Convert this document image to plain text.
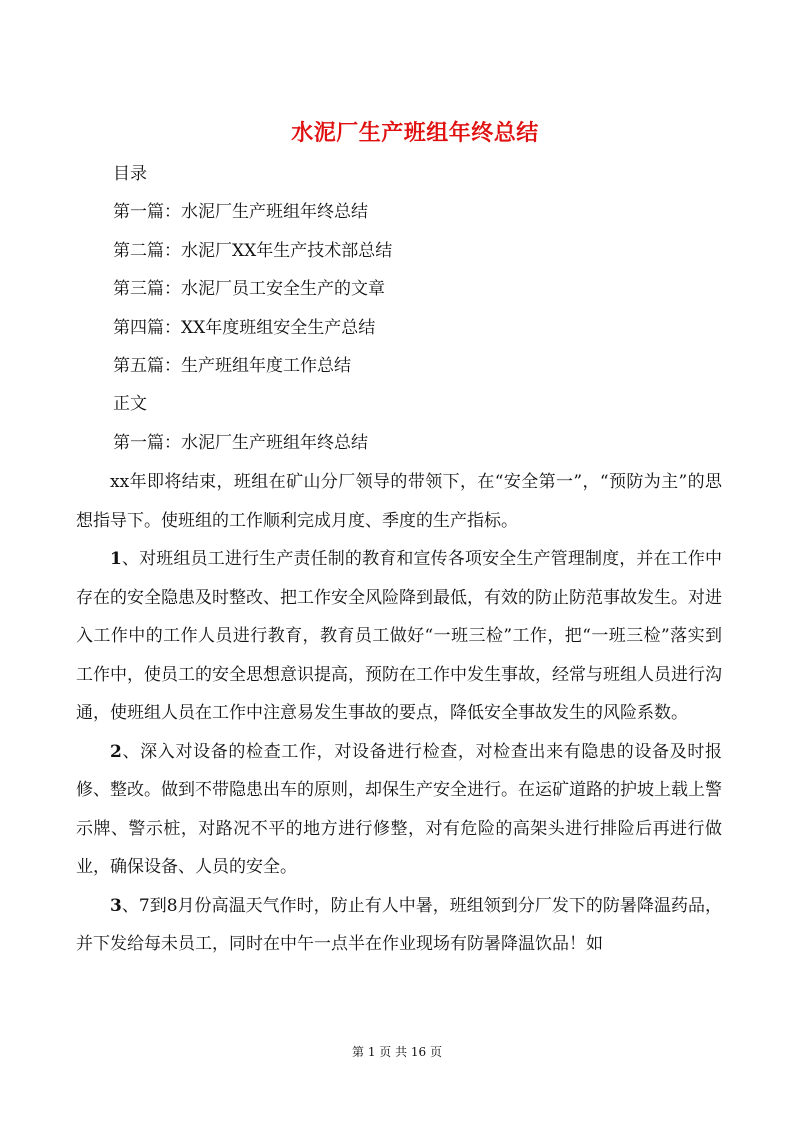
水泥厂生产班组年终总结
目录
第一篇：水泥厂生产班组年终总结
第二篇：水泥厂XX年生产技术部总结
第三篇：水泥厂员工安全生产的文章
第四篇：XX年度班组安全生产总结
第五篇：生产班组年度工作总结
正文
第一篇：水泥厂生产班组年终总结

xx年即将结束，班组在矿山分厂领导的带领下，在“安全第一”，“预防为主”的思想指导下。使班组的工作顺利完成月度、季度的生产指标。

1、对班组员工进行生产责任制的教育和宣传各项安全生产管理制度，并在工作中存在的安全隐患及时整改、把工作安全风险降到最低，有效的防止防范事故发生。对进入工作中的工作人员进行教育，教育员工做好“一班三检”工作，把“一班三检”落实到工作中，使员工的安全思想意识提高，预防在工作中发生事故，经常与班组人员进行沟通，使班组人员在工作中注意易发生事故的要点，降低安全事故发生的风险系数。

2、深入对设备的检查工作，对设备进行检查，对检查出来有隐患的设备及时报修、整改。做到不带隐患出车的原则，却保生产安全进行。在运矿道路的护坡上载上警示牌、警示桩，对路况不平的地方进行修整，对有危险的高架头进行排险后再进行做业，确保设备、人员的安全。

3、7到8月份高温天气作时，防止有人中暑，班组领到分厂发下的防暑降温药品，并下发给每未员工，同时在中午一点半在作业现场有防暑降温饮品！如

第 1 页 共 16 页
